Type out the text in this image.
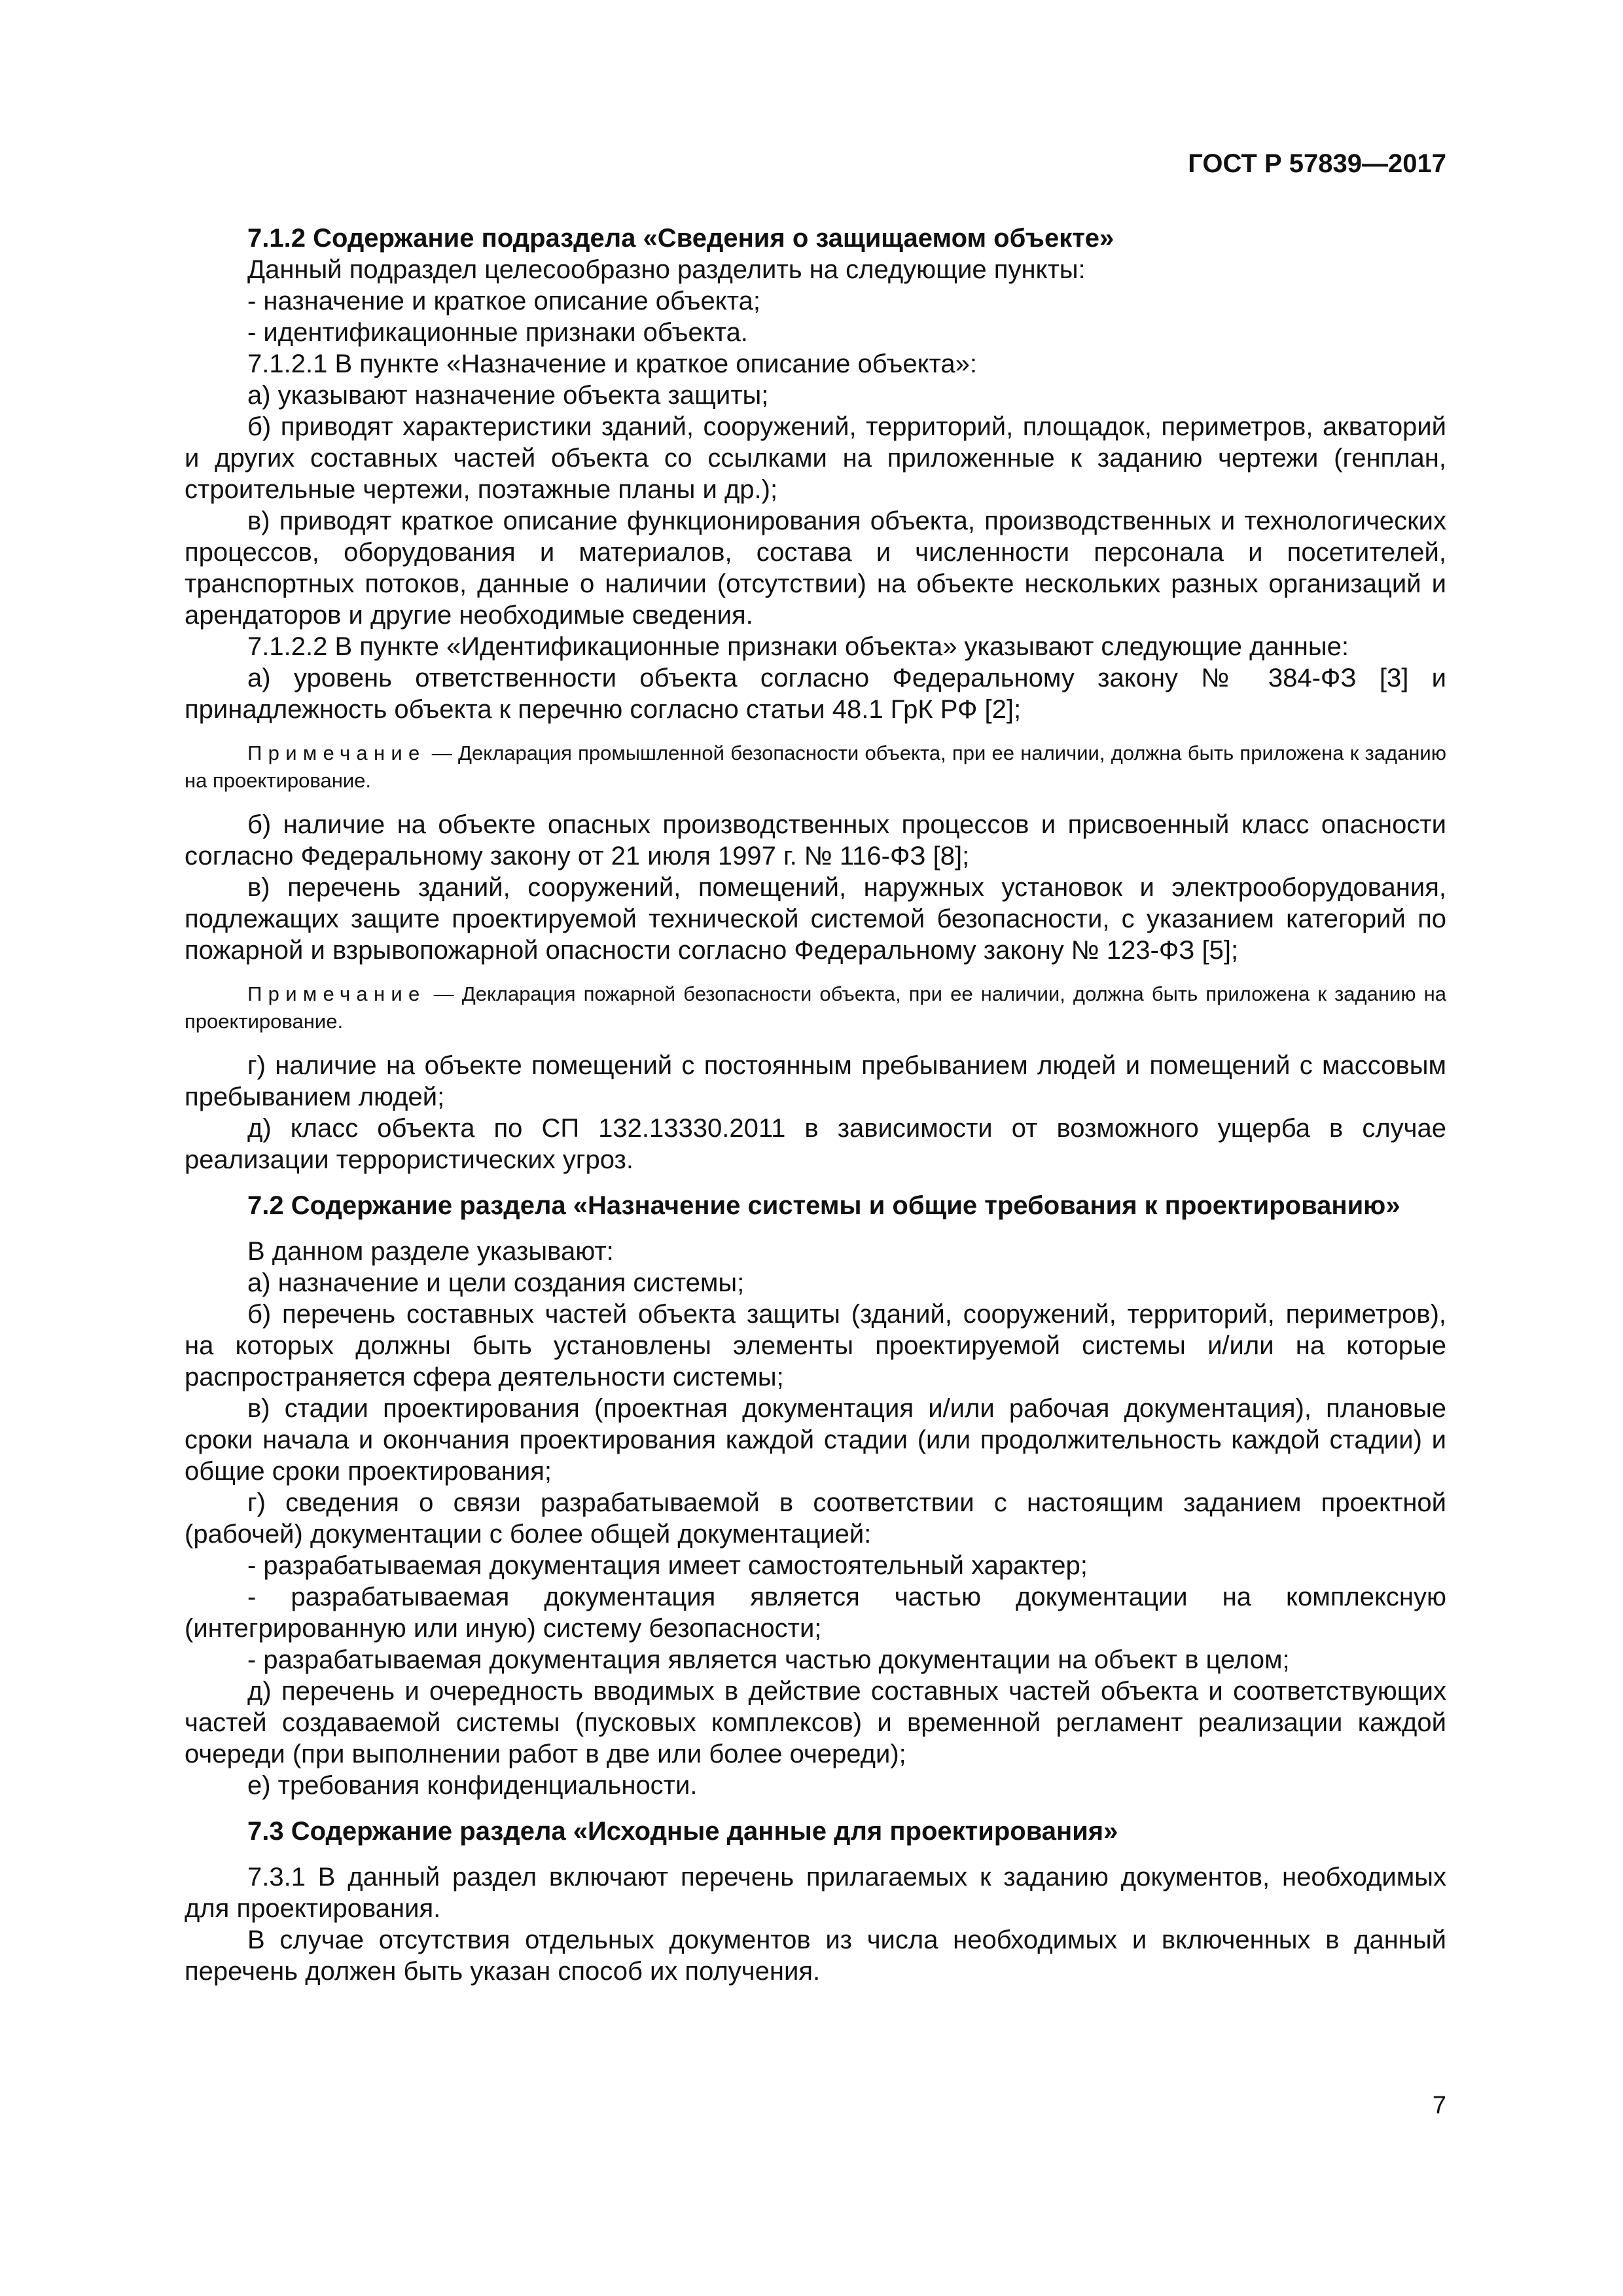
ГОСТ Р 57839—2017

7.1.2 Содержание подраздела «Сведения о защищаемом объекте»

Данный подраздел целесообразно разделить на следующие пункты:

- назначение и краткое описание объекта;

- идентификационные признаки объекта.

7.1.2.1 В пункте «Назначение и краткое описание объекта»:

а) указывают назначение объекта защиты;

б) приводят характеристики зданий, сооружений, территорий, площадок, периметров, акваторий и других составных частей объекта со ссылками на приложенные к заданию чертежи (генплан, строительные чертежи, поэтажные планы и др.);

в) приводят краткое описание функционирования объекта, производственных и технологических процессов, оборудования и материалов, состава и численности персонала и посетителей, транспортных потоков, данные о наличии (отсутствии) на объекте нескольких разных организаций и арендаторов и другие необходимые сведения.

7.1.2.2 В пункте «Идентификационные признаки объекта» указывают следующие данные:

а) уровень ответственности объекта согласно Федеральному закону № 384-ФЗ [3] и принадлежность объекта к перечню согласно статьи 48.1 ГрК РФ [2];

Примечание — Декларация промышленной безопасности объекта, при ее наличии, должна быть приложена к заданию на проектирование.

б) наличие на объекте опасных производственных процессов и присвоенный класс опасности согласно Федеральному закону от 21 июля 1997 г. № 116-ФЗ [8];

в) перечень зданий, сооружений, помещений, наружных установок и электрооборудования, подлежащих защите проектируемой технической системой безопасности, с указанием категорий по пожарной и взрывопожарной опасности согласно Федеральному закону № 123-ФЗ [5];

Примечание — Декларация пожарной безопасности объекта, при ее наличии, должна быть приложена к заданию на проектирование.

г) наличие на объекте помещений с постоянным пребыванием людей и помещений с массовым пребыванием людей;

д) класс объекта по СП 132.13330.2011 в зависимости от возможного ущерба в случае реализации террористических угроз.

7.2 Содержание раздела «Назначение системы и общие требования к проектированию»

В данном разделе указывают:

а) назначение и цели создания системы;

б) перечень составных частей объекта защиты (зданий, сооружений, территорий, периметров), на которых должны быть установлены элементы проектируемой системы и/или на которые распространяется сфера деятельности системы;

в) стадии проектирования (проектная документация и/или рабочая документация), плановые сроки начала и окончания проектирования каждой стадии (или продолжительность каждой стадии) и общие сроки проектирования;

г) сведения о связи разрабатываемой в соответствии с настоящим заданием проектной (рабочей) документации с более общей документацией:

- разрабатываемая документация имеет самостоятельный характер;

- разрабатываемая документация является частью документации на комплексную (интегрированную или иную) систему безопасности;

- разрабатываемая документация является частью документации на объект в целом;

д) перечень и очередность вводимых в действие составных частей объекта и соответствующих частей создаваемой системы (пусковых комплексов) и временной регламент реализации каждой очереди (при выполнении работ в две или более очереди);

е) требования конфиденциальности.

7.3 Содержание раздела «Исходные данные для проектирования»

7.3.1 В данный раздел включают перечень прилагаемых к заданию документов, необходимых для проектирования.

В случае отсутствия отдельных документов из числа необходимых и включенных в данный перечень должен быть указан способ их получения.

7
